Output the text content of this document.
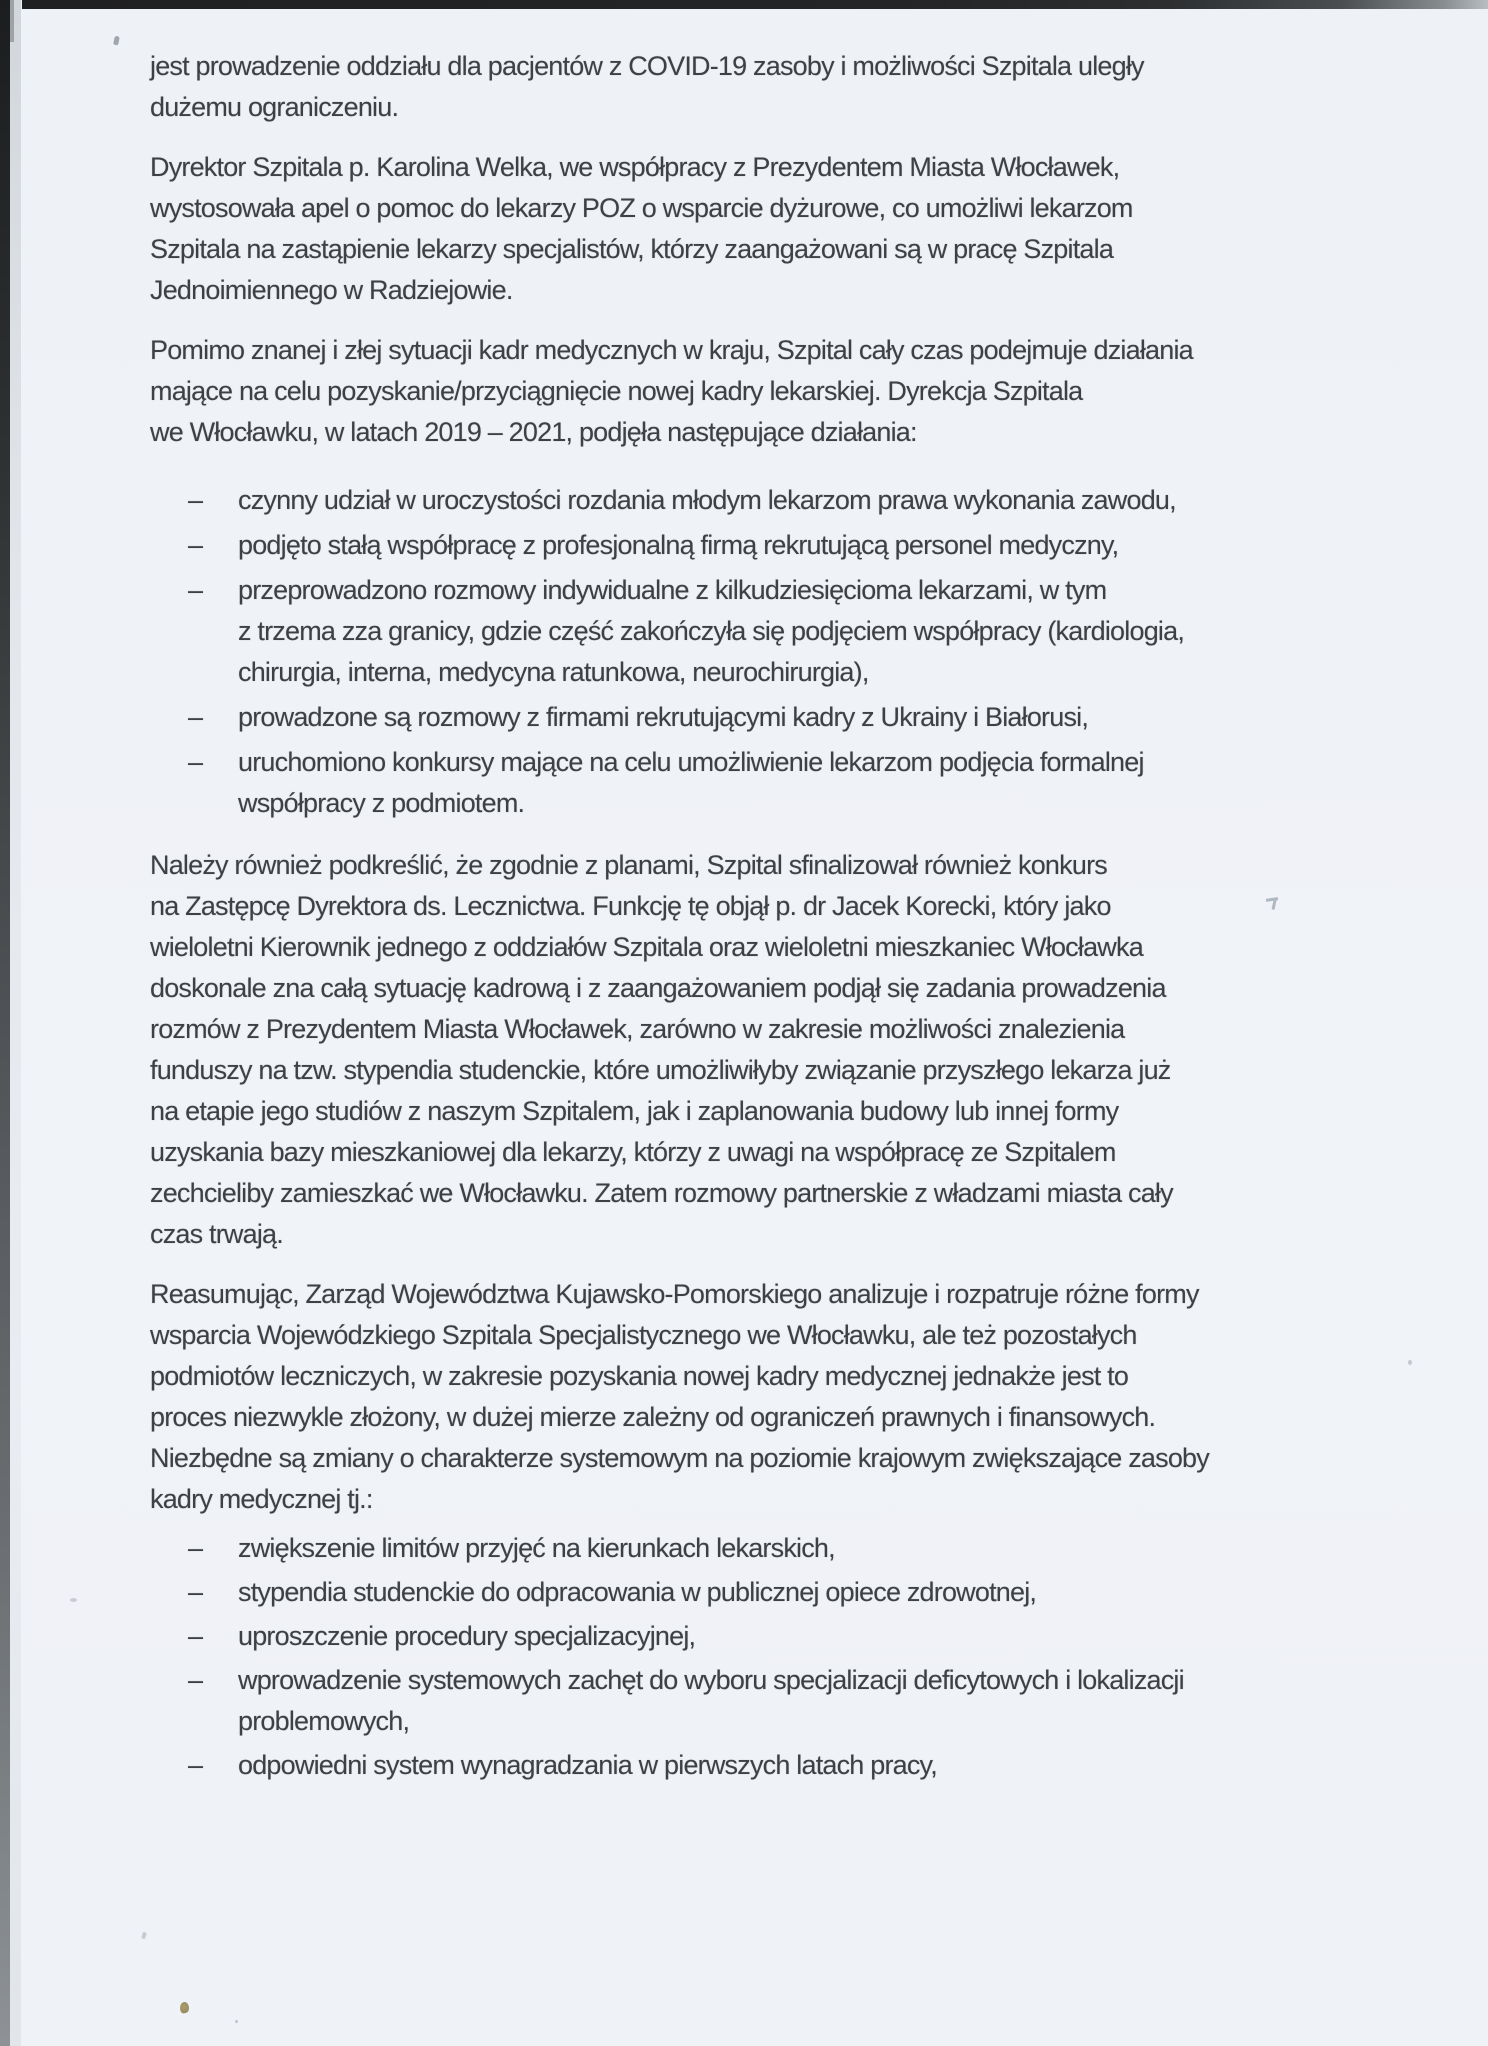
jest prowadzenie oddziału dla pacjentów z COVID-19 zasoby i możliwości Szpitala uległy
dużemu ograniczeniu.

Dyrektor Szpitala p. Karolina Welka, we współpracy z Prezydentem Miasta Włocławek,
wystosowała apel o pomoc do lekarzy POZ o wsparcie dyżurowe, co umożliwi lekarzom
Szpitala na zastąpienie lekarzy specjalistów, którzy zaangażowani są w pracę Szpitala
Jednoimiennego w Radziejowie.

Pomimo znanej i złej sytuacji kadr medycznych w kraju, Szpital cały czas podejmuje działania
mające na celu pozyskanie/przyciągnięcie nowej kadry lekarskiej. Dyrekcja Szpitala
we Włocławku, w latach 2019 – 2021, podjęła następujące działania:

–	czynny udział w uroczystości rozdania młodym lekarzom prawa wykonania zawodu,
–	podjęto stałą współpracę z profesjonalną firmą rekrutującą personel medyczny,
–	przeprowadzono rozmowy indywidualne z kilkudziesięcioma lekarzami, w tym
z trzema zza granicy, gdzie część zakończyła się podjęciem współpracy (kardiologia,
chirurgia, interna, medycyna ratunkowa, neurochirurgia),
–	prowadzone są rozmowy z firmami rekrutującymi kadry z Ukrainy i Białorusi,
–	uruchomiono konkursy mające na celu umożliwienie lekarzom podjęcia formalnej
współpracy z podmiotem.

Należy również podkreślić, że zgodnie z planami, Szpital sfinalizował również konkurs
na Zastępcę Dyrektora ds. Lecznictwa. Funkcję tę objął p. dr Jacek Korecki, który jako
wieloletni Kierownik jednego z oddziałów Szpitala oraz wieloletni mieszkaniec Włocławka
doskonale zna całą sytuację kadrową i z zaangażowaniem podjął się zadania prowadzenia
rozmów z Prezydentem Miasta Włocławek, zarówno w zakresie możliwości znalezienia
funduszy na tzw. stypendia studenckie, które umożliwiłyby związanie przyszłego lekarza już
na etapie jego studiów z naszym Szpitalem, jak i zaplanowania budowy lub innej formy
uzyskania bazy mieszkaniowej dla lekarzy, którzy z uwagi na współpracę ze Szpitalem
zechcieliby zamieszkać we Włocławku. Zatem rozmowy partnerskie z władzami miasta cały
czas trwają.

Reasumując, Zarząd Województwa Kujawsko-Pomorskiego analizuje i rozpatruje różne formy
wsparcia Wojewódzkiego Szpitala Specjalistycznego we Włocławku, ale też pozostałych
podmiotów leczniczych, w zakresie pozyskania nowej kadry medycznej jednakże jest to
proces niezwykle złożony, w dużej mierze zależny od ograniczeń prawnych i finansowych.
Niezbędne są zmiany o charakterze systemowym na poziomie krajowym zwiększające zasoby
kadry medycznej tj.:

–	zwiększenie limitów przyjęć na kierunkach lekarskich,
–	stypendia studenckie do odpracowania w publicznej opiece zdrowotnej,
–	uproszczenie procedury specjalizacyjnej,
–	wprowadzenie systemowych zachęt do wyboru specjalizacji deficytowych i lokalizacji
problemowych,
–	odpowiedni system wynagradzania w pierwszych latach pracy,
